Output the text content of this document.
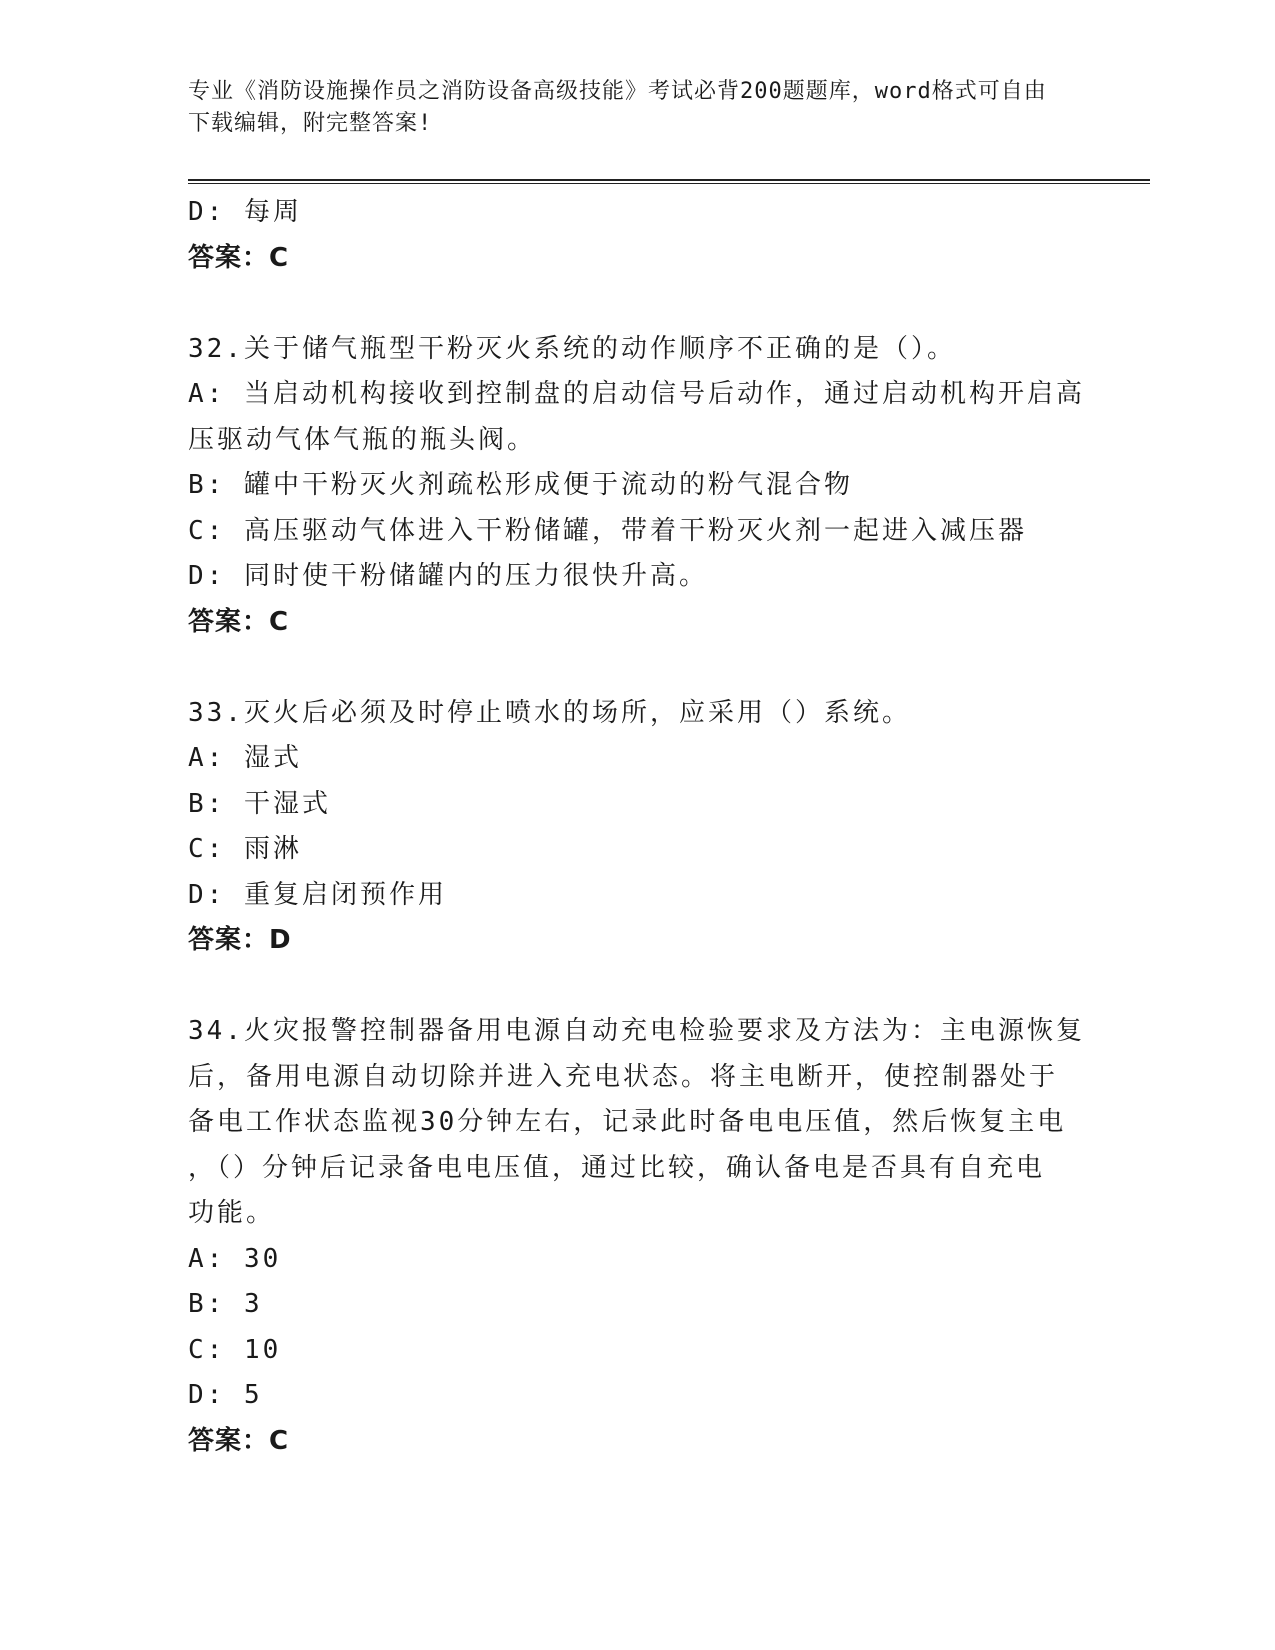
专业《消防设施操作员之消防设备高级技能》考试必背200题题库，word格式可自由下载编辑，附完整答案!
D: 每周
答案：C
32.关于储气瓶型干粉灭火系统的动作顺序不正确的是（）。
A: 当启动机构接收到控制盘的启动信号后动作，通过启动机构开启高
压驱动气体气瓶的瓶头阀。
B: 罐中干粉灭火剂疏松形成便于流动的粉气混合物
C: 高压驱动气体进入干粉储罐，带着干粉灭火剂一起进入减压器
D: 同时使干粉储罐内的压力很快升高。
答案：C
33.灭火后必须及时停止喷水的场所，应采用（）系统。
A: 湿式
B: 干湿式
C: 雨淋
D: 重复启闭预作用
答案：D
34.火灾报警控制器备用电源自动充电检验要求及方法为：主电源恢复
后，备用电源自动切除并进入充电状态。将主电断开，使控制器处于
备电工作状态监视30分钟左右，记录此时备电电压值，然后恢复主电
，（）分钟后记录备电电压值，通过比较，确认备电是否具有自充电
功能。
A: 30
B: 3
C: 10
D: 5
答案：C
